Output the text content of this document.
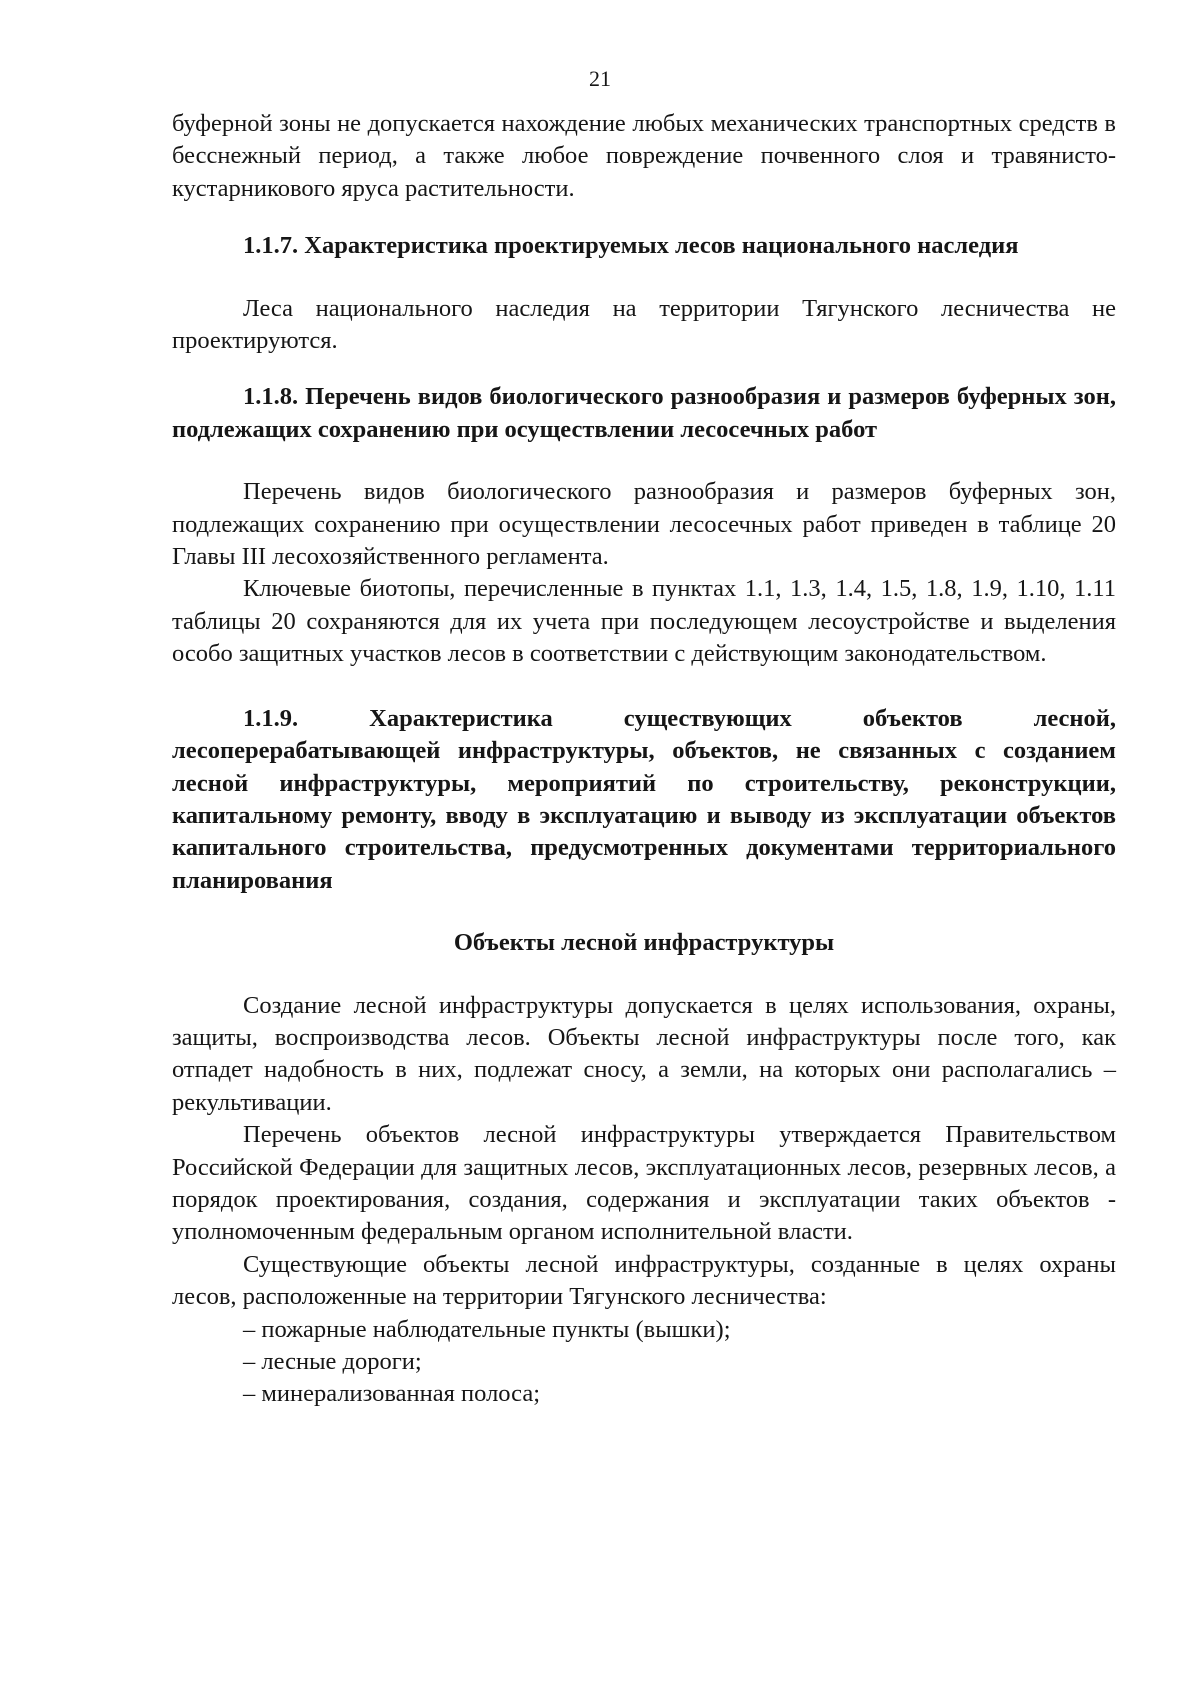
21

буферной зоны не допускается нахождение любых механических транспортных средств в бесснежный период, а также любое повреждение почвенного слоя и травянисто-кустарникового яруса растительности.

1.1.7. Характеристика проектируемых лесов национального наследия

Леса национального наследия на территории Тягунского лесничества не проектируются.

1.1.8. Перечень видов биологического разнообразия и размеров буферных зон, подлежащих сохранению при осуществлении лесосечных работ

Перечень видов биологического разнообразия и размеров буферных зон, подлежащих сохранению при осуществлении лесосечных работ приведен в таблице 20 Главы III лесохозяйственного регламента.

Ключевые биотопы, перечисленные в пунктах 1.1, 1.3, 1.4, 1.5, 1.8, 1.9, 1.10, 1.11 таблицы 20 сохраняются для их учета при последующем лесоустройстве и выделения особо защитных участков лесов в соответствии с действующим законодательством.

1.1.9. Характеристика существующих объектов лесной, лесоперерабатывающей инфраструктуры, объектов, не связанных с созданием лесной инфраструктуры, мероприятий по строительству, реконструкции, капитальному ремонту, вводу в эксплуатацию и выводу из эксплуатации объектов капитального строительства, предусмотренных документами территориального планирования

Объекты лесной инфраструктуры

Создание лесной инфраструктуры допускается в целях использования, охраны, защиты, воспроизводства лесов. Объекты лесной инфраструктуры после того, как отпадет надобность в них, подлежат сносу, а земли, на которых они располагались – рекультивации.

Перечень объектов лесной инфраструктуры утверждается Правительством Российской Федерации для защитных лесов, эксплуатационных лесов, резервных лесов, а порядок проектирования, создания, содержания и эксплуатации таких объектов - уполномоченным федеральным органом исполнительной власти.

Существующие объекты лесной инфраструктуры, созданные в целях охраны лесов, расположенные на территории Тягунского лесничества:

– пожарные наблюдательные пункты (вышки);

– лесные дороги;

– минерализованная полоса;
